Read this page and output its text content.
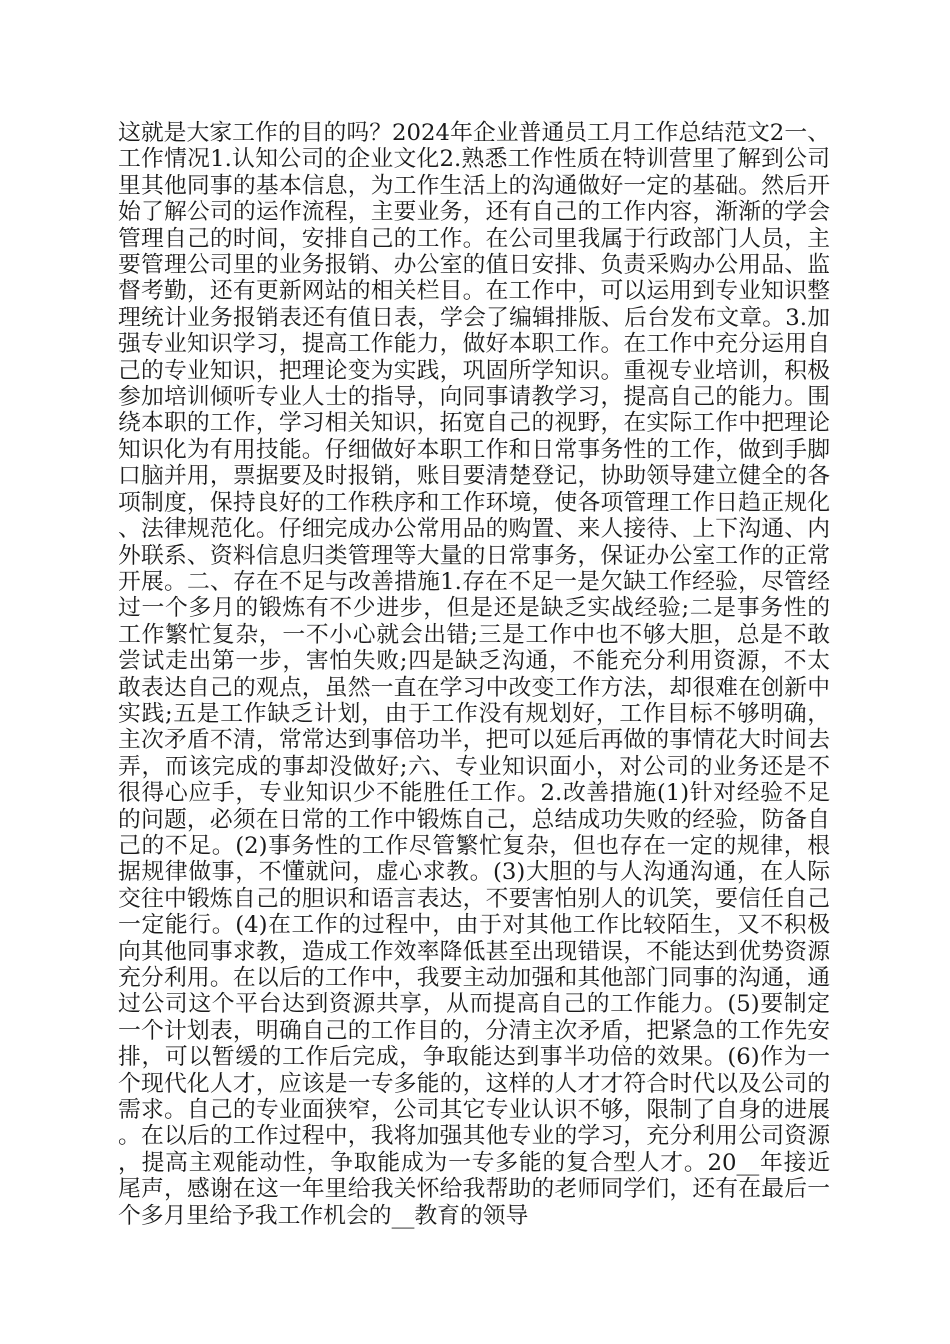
这就是大家工作的目的吗？2024年企业普通员工月工作总结范文2一、工作情况1.认知公司的企业文化2.熟悉工作性质在特训营里了解到公司里其他同事的基本信息，为工作生活上的沟通做好一定的基础。然后开始了解公司的运作流程，主要业务，还有自己的工作内容，渐渐的学会管理自己的时间，安排自己的工作。在公司里我属于行政部门人员，主要管理公司里的业务报销、办公室的值日安排、负责采购办公用品、监督考勤，还有更新网站的相关栏目。在工作中，可以运用到专业知识整理统计业务报销表还有值日表，学会了编辑排版、后台发布文章。3.加强专业知识学习，提高工作能力，做好本职工作。在工作中充分运用自己的专业知识，把理论变为实践，巩固所学知识。重视专业培训，积极参加培训倾听专业人士的指导，向同事请教学习，提高自己的能力。围绕本职的工作，学习相关知识，拓宽自己的视野，在实际工作中把理论知识化为有用技能。仔细做好本职工作和日常事务性的工作，做到手脚口脑并用，票据要及时报销，账目要清楚登记，协助领导建立健全的各项制度，保持良好的工作秩序和工作环境，使各项管理工作日趋正规化、法律规范化。仔细完成办公常用品的购置、来人接待、上下沟通、内外联系、资料信息归类管理等大量的日常事务，保证办公室工作的正常开展。二、存在不足与改善措施1.存在不足一是欠缺工作经验，尽管经过一个多月的锻炼有不少进步，但是还是缺乏实战经验;二是事务性的工作繁忙复杂，一不小心就会出错;三是工作中也不够大胆，总是不敢尝试走出第一步，害怕失败;四是缺乏沟通，不能充分利用资源，不太敢表达自己的观点，虽然一直在学习中改变工作方法，却很难在创新中实践;五是工作缺乏计划，由于工作没有规划好，工作目标不够明确，主次矛盾不清，常常达到事倍功半，把可以延后再做的事情花大时间去弄，而该完成的事却没做好;六、专业知识面小，对公司的业务还是不很得心应手，专业知识少不能胜任工作。2.改善措施(1)针对经验不足的问题，必须在日常的工作中锻炼自己，总结成功失败的经验，防备自己的不足。(2)事务性的工作尽管繁忙复杂，但也存在一定的规律，根据规律做事，不懂就问，虚心求教。(3)大胆的与人沟通沟通，在人际交往中锻炼自己的胆识和语言表达，不要害怕别人的讥笑，要信任自己一定能行。(4)在工作的过程中，由于对其他工作比较陌生，又不积极向其他同事求教，造成工作效率降低甚至出现错误，不能达到优势资源充分利用。在以后的工作中，我要主动加强和其他部门同事的沟通，通过公司这个平台达到资源共享，从而提高自己的工作能力。(5)要制定一个计划表，明确自己的工作目的，分清主次矛盾，把紧急的工作先安排，可以暂缓的工作后完成，争取能达到事半功倍的效果。(6)作为一个现代化人才，应该是一专多能的，这样的人才才符合时代以及公司的需求。自己的专业面狭窄，公司其它专业认识不够，限制了自身的进展。在以后的工作过程中，我将加强其他专业的学习，充分利用公司资源，提高主观能动性，争取能成为一专多能的复合型人才。20__年接近尾声，感谢在这一年里给我关怀给我帮助的老师同学们，还有在最后一个多月里给予我工作机会的__教育的领导
